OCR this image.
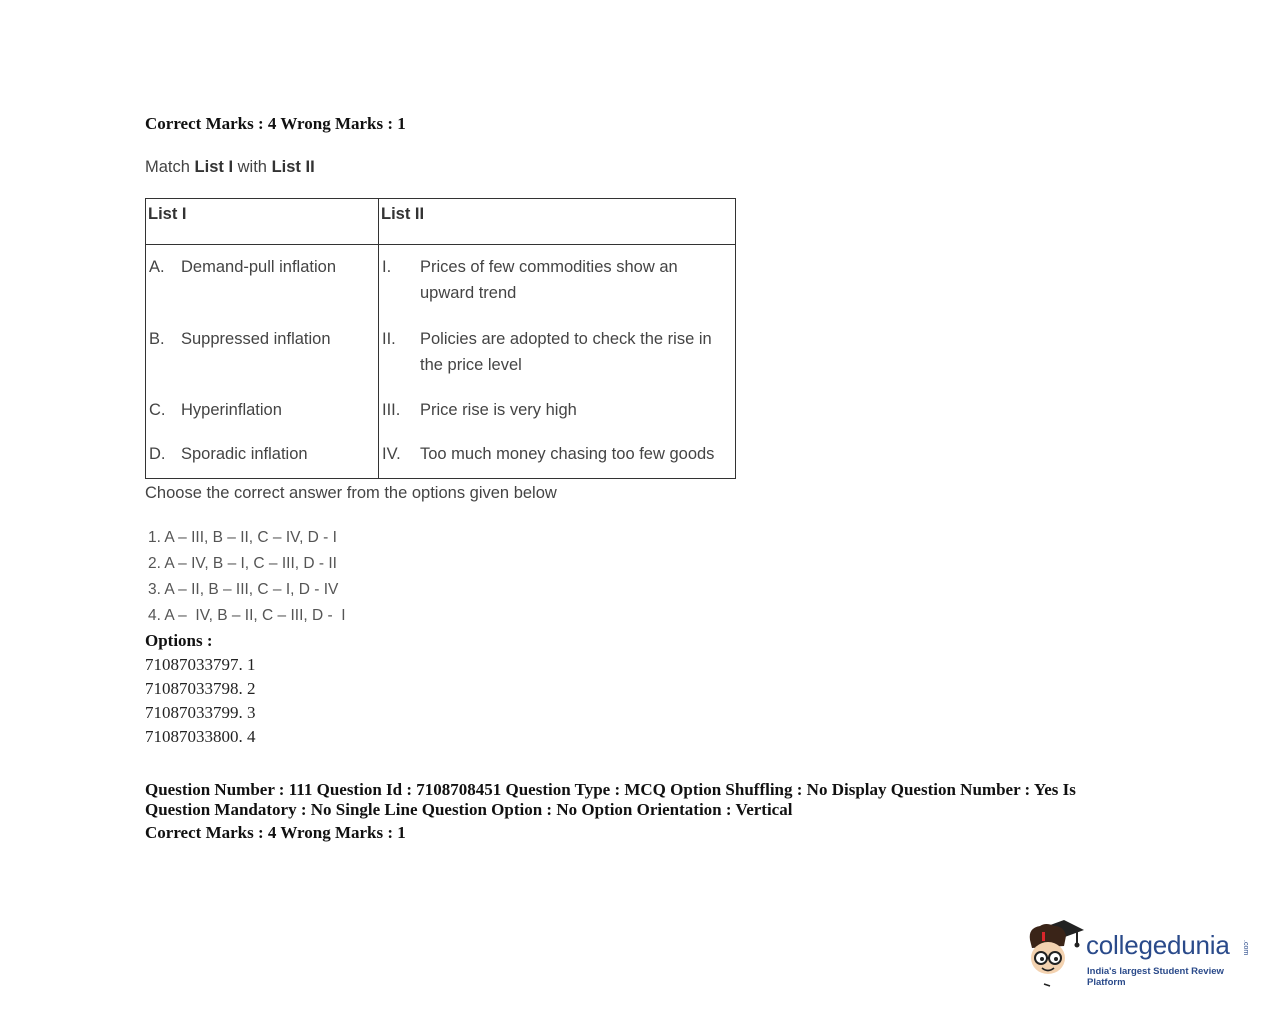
Correct Marks : 4 Wrong Marks : 1
Match List I with List II
List I	List II

A. Demand-pull inflation	I. Prices of few commodities show an upward trend

B. Suppressed inflation	II. Policies are adopted to check the rise in the price level

C. Hyperinflation	III. Price rise is very high

D. Sporadic inflation	IV. Too much money chasing too few goods
Choose the correct answer from the options given below
1. A – III, B – II, C – IV, D - I
2. A – IV, B – I, C – III, D - II
3. A – II, B – III, C – I, D - IV
4. A –  IV, B – II, C – III, D -  I
Options :
71087033797. 1
71087033798. 2
71087033799. 3
71087033800. 4
Question Number : 111 Question Id : 7108708451 Question Type : MCQ Option Shuffling : No Display Question Number : Yes Is Question Mandatory : No Single Line Question Option : No Option Orientation : Vertical
Correct Marks : 4 Wrong Marks : 1
collegedunia .com
India's largest Student Review Platform
